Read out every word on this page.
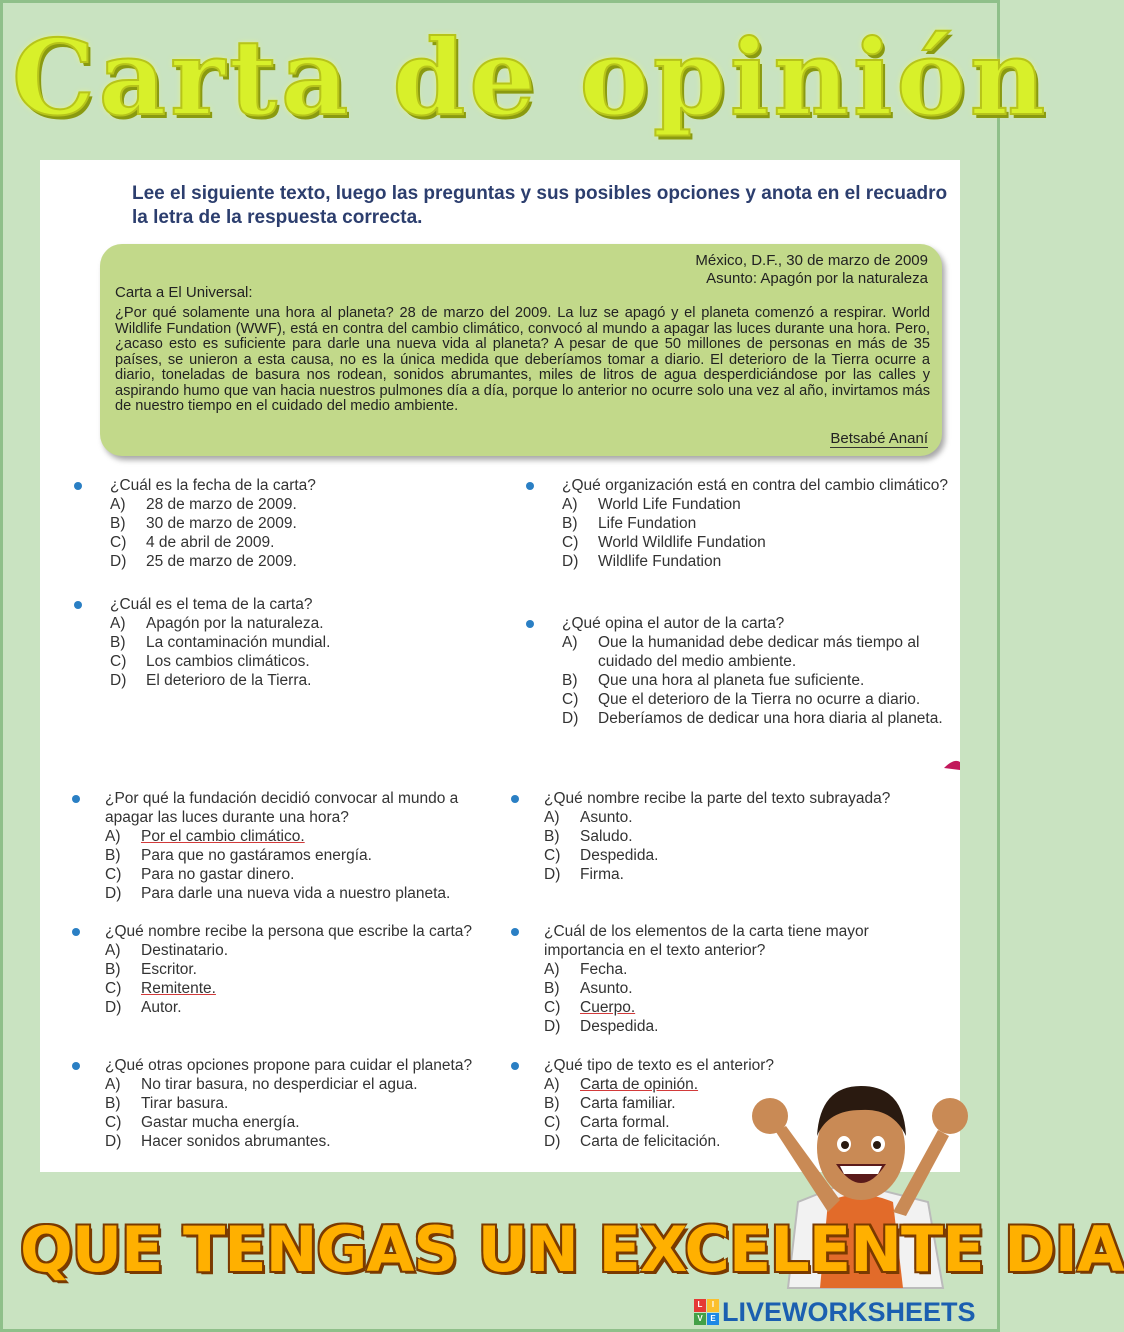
Carta de opinión
Lee el siguiente texto, luego las preguntas y sus posibles opciones y anota en el recuadro la letra de la respuesta correcta.
México, D.F., 30 de marzo de 2009
Asunto: Apagón por la naturaleza
Carta a El Universal:
¿Por qué solamente una hora al planeta? 28 de marzo del 2009. La luz se apagó y el planeta comenzó a respirar. World Wildlife Fundation (WWF), está en contra del cambio climático, convocó al mundo a apagar las luces durante una hora. Pero, ¿acaso esto es suficiente para darle una nueva vida al planeta? A pesar de que 50 millones de personas en más de 35 países, se unieron a esta causa, no es la única medida que deberíamos tomar a diario. El deterioro de la Tierra ocurre a diario, toneladas de basura nos rodean, sonidos abrumantes, miles de litros de agua desperdiciándose por las calles y aspirando humo que van hacia nuestros pulmones día a día, porque lo anterior no ocurre solo una vez al año, invirtamos más de nuestro tiempo en el cuidado del medio ambiente.
Betsabé Ananí
¿Cuál es la fecha de la carta?
A)	28 de marzo de 2009.
B)	30 de marzo de 2009.
C)	4 de abril de 2009.
D)	25 de marzo de 2009.
¿Cuál es el tema de la carta?
A)	Apagón por la naturaleza.
B)	La contaminación mundial.
C)	Los cambios climáticos.
D)	El deterioro de la Tierra.
¿Qué organización está en contra del cambio climático?
A)	World Life Fundation
B)	Life Fundation
C)	World Wildlife Fundation
D)	Wildlife Fundation
¿Qué opina el autor de la carta?
A)	Oue la humanidad debe dedicar más tiempo al cuidado del medio ambiente.
B)	Que una hora al planeta fue suficiente.
C)	Que el deterioro de la Tierra no ocurre a diario.
D)	Deberíamos de dedicar una hora diaria al planeta.
¿Por qué la fundación decidió convocar al mundo a apagar las luces durante una hora?
A)	Por el cambio climático.
B)	Para que no gastáramos energía.
C)	Para no gastar dinero.
D)	Para darle una nueva vida a nuestro planeta.
¿Qué nombre recibe la persona que escribe la carta?
A)	Destinatario.
B)	Escritor.
C)	Remitente.
D)	Autor.
¿Qué otras opciones propone para cuidar el planeta?
A)	No tirar basura, no desperdiciar el agua.
B)	Tirar basura.
C)	Gastar mucha energía.
D)	Hacer sonidos abrumantes.
¿Qué nombre recibe la parte del texto subrayada?
A)	Asunto.
B)	Saludo.
C)	Despedida.
D)	Firma.
¿Cuál de los elementos de la carta tiene mayor importancia en el texto anterior?
A)	Fecha.
B)	Asunto.
C)	Cuerpo.
D)	Despedida.
¿Qué tipo de texto es el anterior?
A)	Carta de opinión.
B)	Carta familiar.
C)	Carta formal.
D)	Carta de felicitación.
QUE TENGAS UN EXCELENTE DIA
L	I
V E LIVEWORKSHEETS
